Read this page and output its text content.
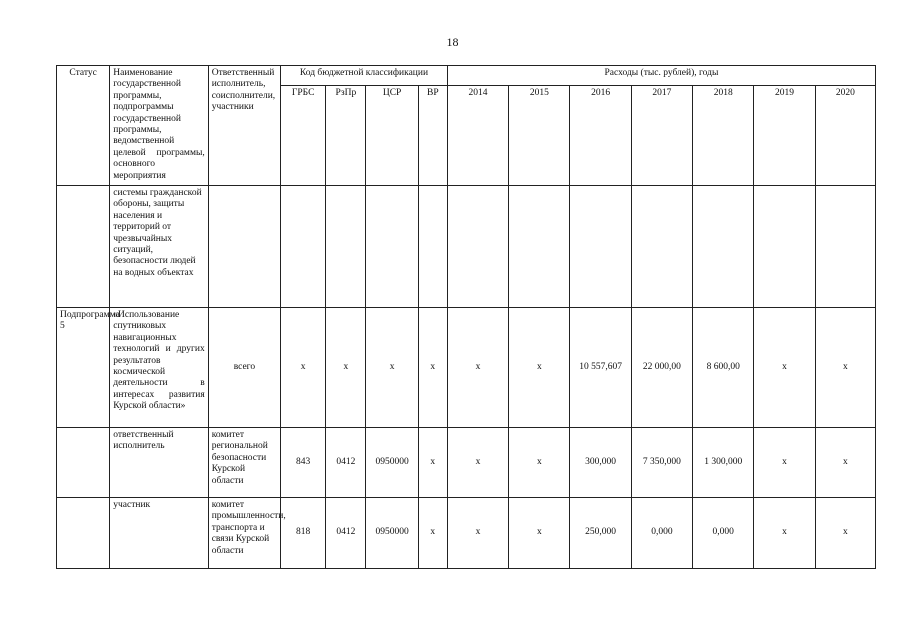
18
Статус	Наименование государственной программы, подпрограммы государственной программы, ведомственной целевой программы, основного мероприятия	Ответственный исполнитель, соисполнители, участники	Код бюджетной классификации				Расходы (тыс. рублей), годы						
			ГРБС	РзПр	ЦСР	ВР	2014	2015	2016	2017	2018	2019	2020
	системы гражданской обороны, защиты населения и территорий от чрезвычайных ситуаций, безопасности людей на водных объектах												
Подпрограмма 5	«Использование спутниковых навигационных технологий и других результатов космической деятельности в интересах развития Курской области»	всего	х	х	х	х	х	х	10 557,607	22 000,00	8 600,00	х	х
	ответственный исполнитель	комитет региональной безопасности Курской области	843	0412	0950000	х	х	х	300,000	7 350,000	1 300,000	х	х
	участник	комитет промышленности, транспорта и связи Курской области	818	0412	0950000	х	х	х	250,000	0,000	0,000	х	х
